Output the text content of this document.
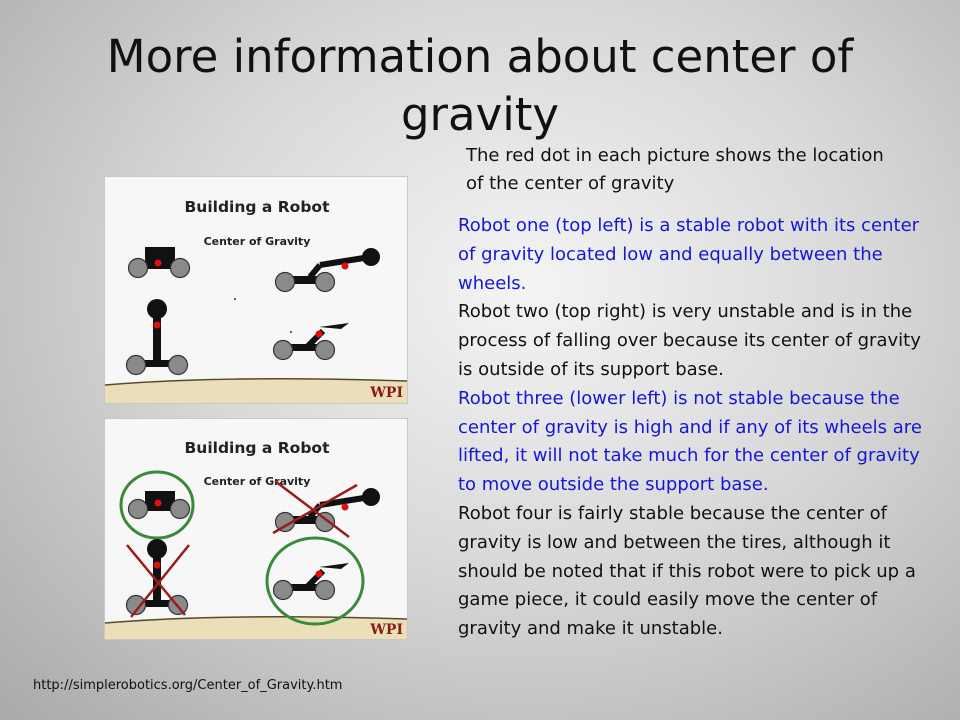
More information about center of gravity
The red dot in each picture shows the location of the center of gravity

Robot one (top left) is a stable robot with its center of gravity located low and equally between the wheels.

Robot two (top right) is very unstable and is in the process of falling over because its center of gravity is outside of its support base.

Robot three (lower left) is not stable because the center of gravity is high and if any of its wheels are lifted, it will not take much for the center of gravity to move outside the support base.

Robot four is fairly stable because the center of gravity is low and between the tires, although it should be noted that if this robot were to pick up a game piece, it could easily move the center of gravity and make it unstable.

Building a Robot
Center of Gravity
WPI
Building a Robot
Center of Gravity
WPI
http://simplerobotics.org/Center_of_Gravity.htm
